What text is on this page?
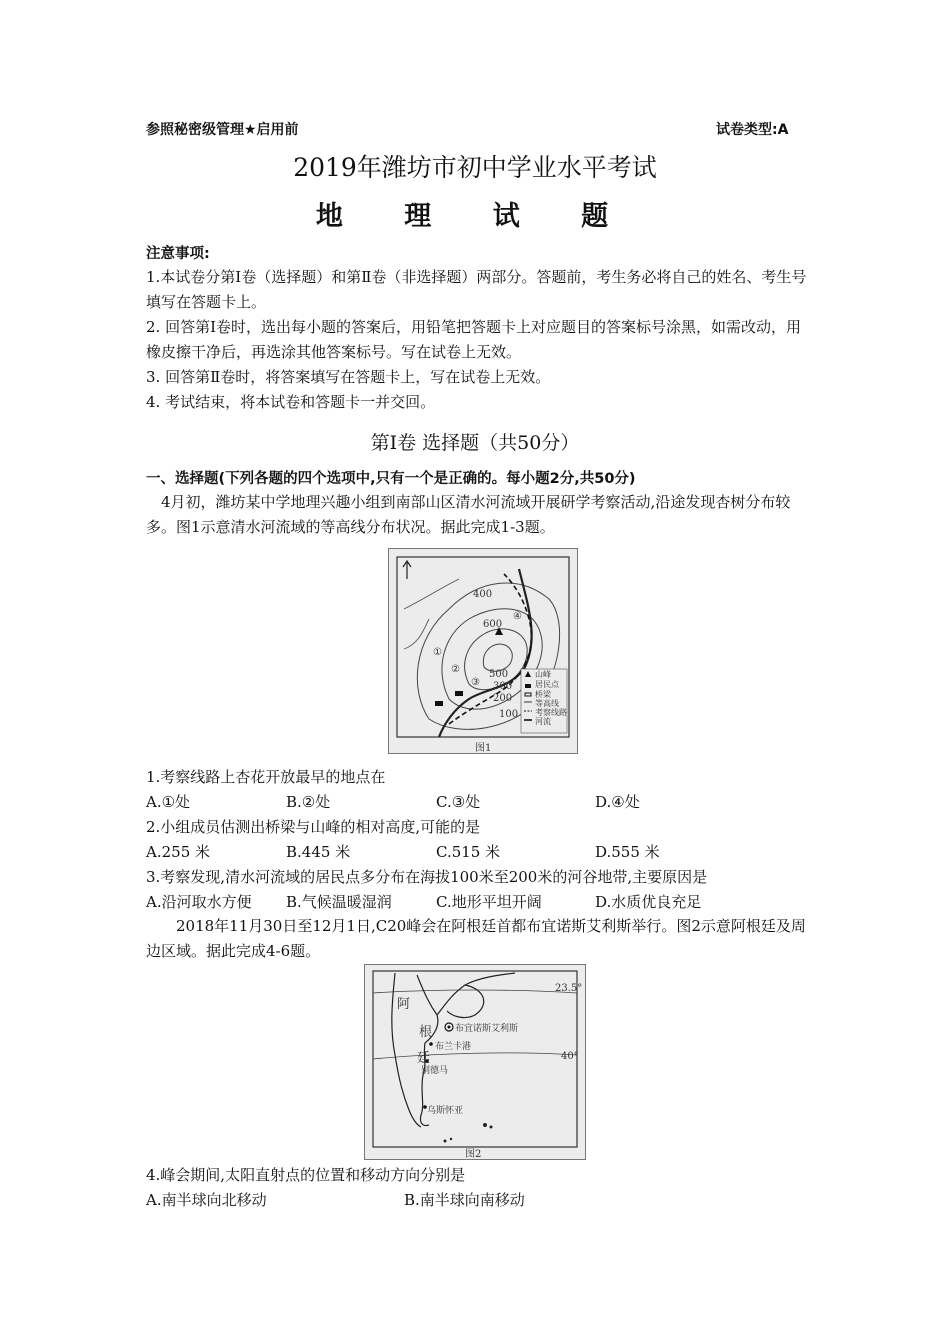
参照秘密级管理★启用前	试卷类型:A
2019年潍坊市初中学业水平考试
地 理 试 题
注意事项:
1.本试卷分第Ⅰ卷（选择题）和第Ⅱ卷（非选择题）两部分。答题前，考生务必将自己的姓名、考生号填写在答题卡上。
2. 回答第Ⅰ卷时，选出每小题的答案后，用铅笔把答题卡上对应题目的答案标号涂黑，如需改动，用橡皮擦干净后，再选涂其他答案标号。写在试卷上无效。
3. 回答第Ⅱ卷时，将答案填写在答题卡上，写在试卷上无效。
4. 考试结束，将本试卷和答题卡一并交回。
第Ⅰ卷 选择题（共50分）
一、选择题(下列各题的四个选项中,只有一个是正确的。每小题2分,共50分)
4月初，潍坊某中学地理兴趣小组到南部山区清水河流域开展研学考察活动,沿途发现杏树分布较多。图1示意清水河流域的等高线分布状况。据此完成1-3题。
600
500
400
300
200
100
①
②
③
④
山峰
居民点
桥梁
等高线
考察线路
河流
图1
1.考察线路上杏花开放最早的地点在
A.①处	B.②处	C.③处	D.④处
2.小组成员估测出桥梁与山峰的相对高度,可能的是
A.255 米	B.445 米	C.515 米	D.555 米
3.考察发现,清水河流域的居民点多分布在海拔100米至200米的河谷地带,主要原因是
A.沿河取水方便 B.气候温暖湿润	C.地形平坦开阔	D.水质优良充足
2018年11月30日至12月1日,C20峰会在阿根廷首都布宜诺斯艾利斯举行。图2示意阿根廷及周边区域。据此完成4-6题。
23.5°
40°
阿
根
廷
布宜诺斯艾利斯
布兰卡港
别德马
乌斯怀亚
图2
4.峰会期间,太阳直射点的位置和移动方向分别是
A.南半球向北移动	B.南半球向南移动
